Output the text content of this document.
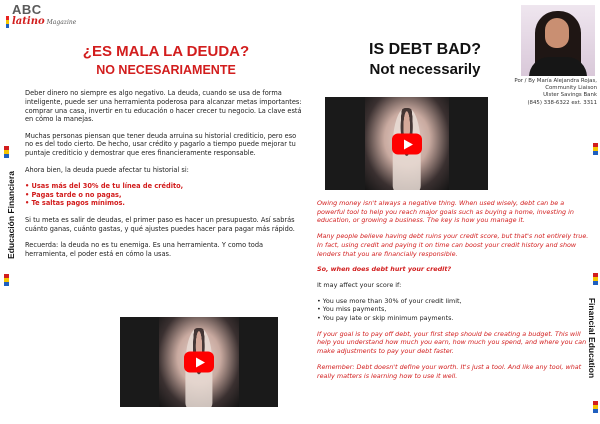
ABC
latino Magazine
Educación Financiera
¿ES MALA LA DEUDA?
NO NECESARIAMENTE

Deber dinero no siempre es algo negativo. La deuda, cuando se usa de forma inteligente, puede ser una herramienta poderosa para alcanzar metas importantes: comprar una casa, invertir en tu educación o hacer crecer tu negocio. La clave está en cómo la manejas.

Muchas personas piensan que tener deuda arruina su historial crediticio, pero eso no es del todo cierto. De hecho, usar crédito y pagarlo a tiempo puede mejorar tu puntaje crediticio y demostrar que eres financieramente responsable.

Ahora bien, la deuda puede afectar tu historial si:

• Usas más del 30% de tu línea de crédito,
• Pagas tarde o no pagas,
• Te saltas pagos mínimos.

Si tu meta es salir de deudas, el primer paso es hacer un presupuesto. Así sabrás cuánto ganas, cuánto gastas, y qué ajustes puedes hacer para pagar más rápido.

Recuerda: la deuda no es tu enemiga. Es una herramienta. Y como toda herramienta, el poder está en cómo la usas.

IS DEBT BAD?
Not necessarily

Owing money isn't always a negative thing. When used wisely, debt can be a powerful tool to help you reach major goals such as buying a home, investing in education, or growing a business. The key is how you manage it.

Many people believe having debt ruins your credit score, but that's not entirely true. In fact, using credit and paying it on time can boost your credit history and show lenders that you are financially responsible.

So, when does debt hurt your credit?

It may affect your score if:

• You use more than 30% of your credit limit,
• You miss payments,
• You pay late or skip minimum payments.

If your goal is to pay off debt, your first step should be creating a budget. This will help you understand how much you earn, how much you spend, and where you can make adjustments to pay your debt faster.

Remember: Debt doesn't define your worth. It's just a tool. And like any tool, what really matters is learning how to use it well.

Por / By María Alejandra Rojas,
Community Liaison
Ulster Savings Bank
(845) 338-6322 ext. 3311
Financial Education
